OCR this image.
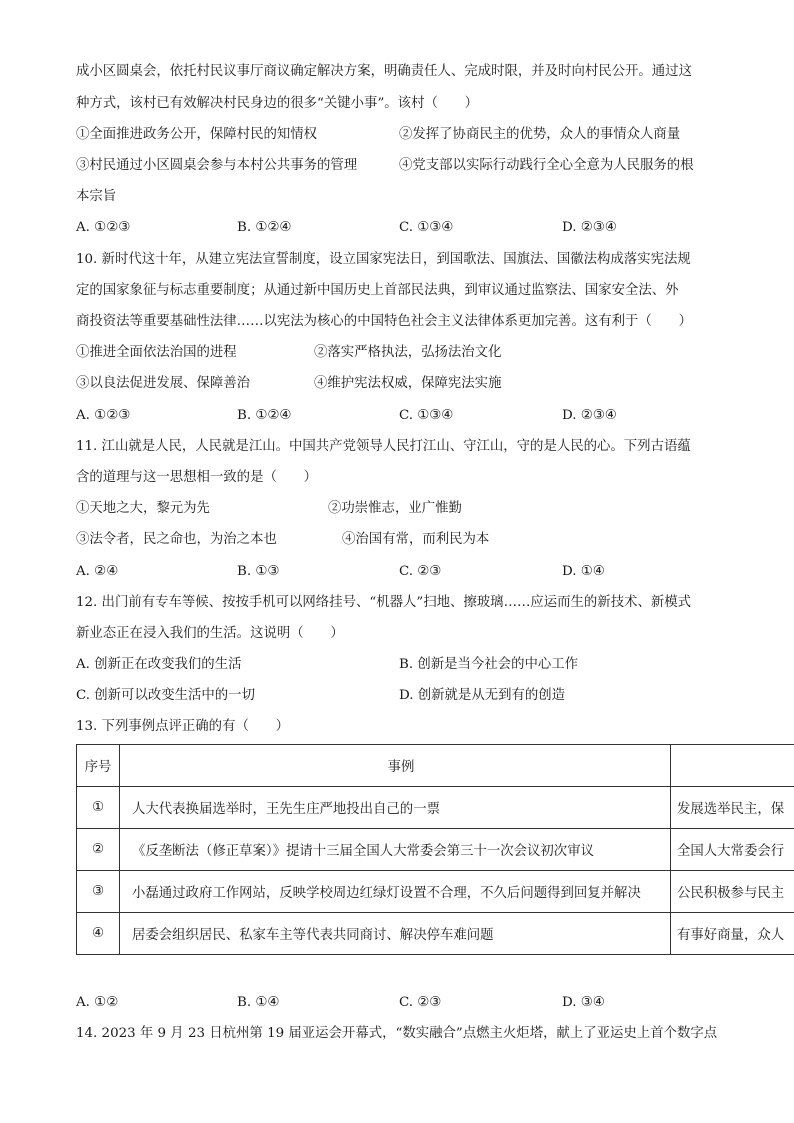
成小区圆桌会，依托村民议事厅商议确定解决方案，明确责任人、完成时限，并及时向村民公开。通过这
种方式，该村已有效解决村民身边的很多“关键小事”。该村（　　）
①全面推进政务公开，保障村民的知情权	②发挥了协商民主的优势，众人的事情众人商量
③村民通过小区圆桌会参与本村公共事务的管理	④党支部以实际行动践行全心全意为人民服务的根
本宗旨
A. ①②③	B. ①②④	C. ①③④	D. ②③④
10. 新时代这十年，从建立宪法宣誓制度，设立国家宪法日，到国歌法、国旗法、国徽法构成落实宪法规
定的国家象征与标志重要制度；从通过新中国历史上首部民法典，到审议通过监察法、国家安全法、外
商投资法等重要基础性法律……以宪法为核心的中国特色社会主义法律体系更加完善。这有利于（　　）
①推进全面依法治国的进程	②落实严格执法，弘扬法治文化
③以良法促进发展、保障善治	④维护宪法权威，保障宪法实施
A. ①②③	B. ①②④	C. ①③④	D. ②③④
11. 江山就是人民，人民就是江山。中国共产党领导人民打江山、守江山，守的是人民的心。下列古语蕴
含的道理与这一思想相一致的是（　　）
①天地之大，黎元为先	②功崇惟志，业广惟勤
③法令者，民之命也，为治之本也	④治国有常，而利民为本
A. ②④	B. ①③	C. ②③	D. ①④
12. 出门前有专车等候、按按手机可以网络挂号、“机器人”扫地、擦玻璃……应运而生的新技术、新模式
新业态正在浸入我们的生活。这说明（　　）
A. 创新正在改变我们的生活	B. 创新是当今社会的中心工作
C. 创新可以改变生活中的一切	D. 创新就是从无到有的创造
13. 下列事例点评正确的有（　　）
序号	事例	
①	人大代表换届选举时，王先生庄严地投出自己的一票	发展选举民主，保
②	《反垄断法（修正草案）》提请十三届全国人大常委会第三十一次会议初次审议	全国人大常委会行
③	小磊通过政府工作网站，反映学校周边红绿灯设置不合理，不久后问题得到回复并解决	公民积极参与民主
④	居委会组织居民、私家车主等代表共同商讨、解决停车难问题	有事好商量，众人
A. ①②	B. ①④	C. ②③	D. ③④
14. 2023 年 9 月 23 日杭州第 19 届亚运会开幕式，“数实融合”点燃主火炬塔，献上了亚运史上首个数字点
